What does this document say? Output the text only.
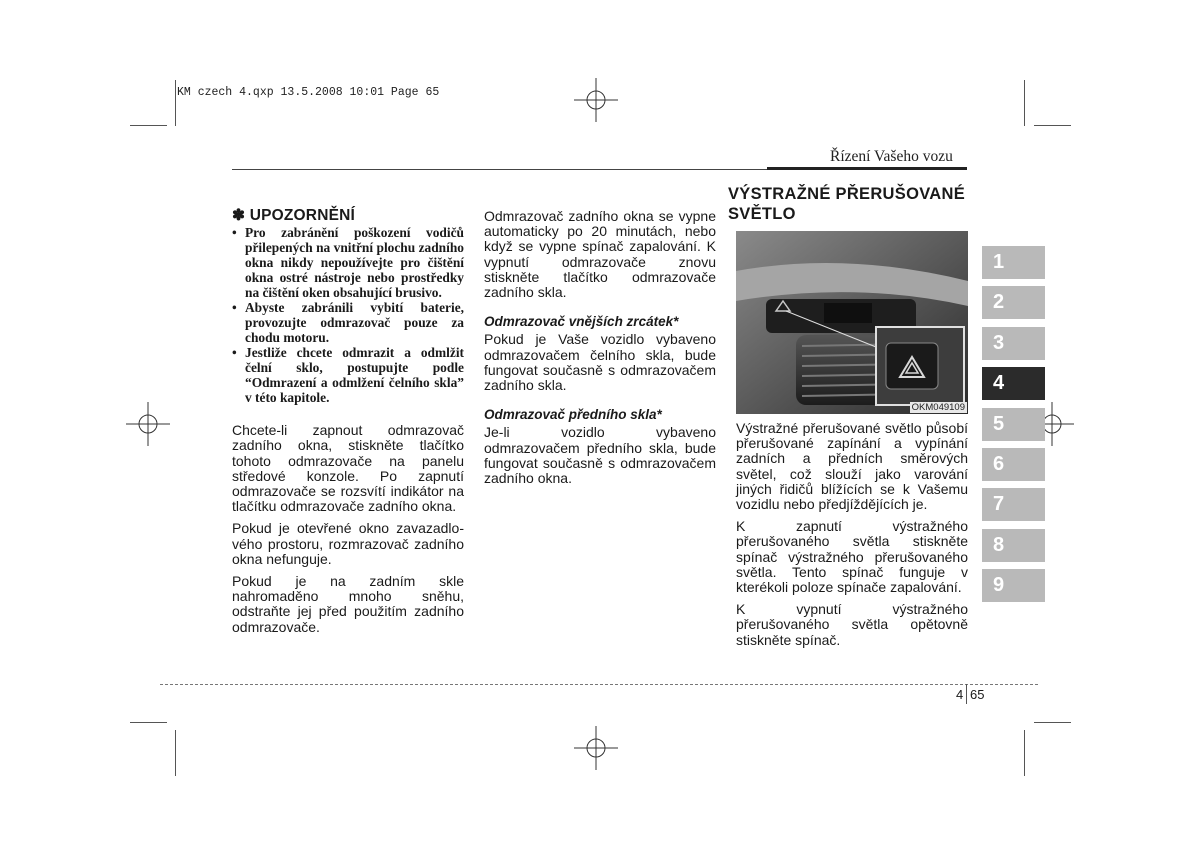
KM czech 4.qxp 13.5.2008 10:01 Page 65
Řízení Vašeho vozu
✽ UPOZORNĚNÍ
• Pro zabránění poškození vodičů přilepených na vnitřní plochu zadního okna nikdy nepoužívejte pro čištění okna ostré nástroje nebo prostředky na čištění oken obsahující brusivo.
• Abyste zabránili vybití baterie, provozujte odmrazovač pouze za chodu motoru.
• Jestliže chcete odmrazit a odmlžit čelní sklo, postupujte podle “Odmrazení a odmlžení čelního skla” v této kapitole.

Chcete-li zapnout odmrazovač zadního okna, stiskněte tlačítko tohoto odmrazovače na panelu středové konzole. Po zapnutí odmrazovače se rozsvítí indikátor na tlačítku odmrazovače zadního okna.

Pokud je otevřené okno zavazadlo-vého prostoru, rozmrazovač zadního okna nefunguje.

Pokud je na zadním skle nahromaděno mnoho sněhu, odstraňte jej před použitím zadního odmrazovače.

Odmrazovač zadního okna se vypne automaticky po 20 minutách, nebo když se vypne spínač zapalování. K vypnutí odmrazovače znovu stiskněte tlačítko odmrazovače zadního skla.

Odmrazovač vnějších zrcátek*

Pokud je Vaše vozidlo vybaveno odmrazovačem čelního skla, bude fungovat současně s odmrazovačem zadního skla.

Odmrazovač předního skla*

Je-li vozidlo vybaveno odmrazovačem předního skla, bude fungovat současně s odmrazovačem zadního okna.

VÝSTRAŽNÉ PŘERUŠOVANÉ
SVĚTLO
OKM049109

Výstražné přerušované světlo působí přerušované zapínání a vypínání zadních a předních směrových světel, což slouží jako varování jiných řidičů blížících se k Vašemu vozidlu nebo předjíždějících je.

K zapnutí výstražného přerušovaného světla stiskněte spínač výstražného přerušovaného světla. Tento spínač funguje v kterékoli poloze spínače zapalování.

K vypnutí výstražného přerušovaného světla opětovně stiskněte spínač.

1
2
3
4
5
6
7
8
9
4 65
